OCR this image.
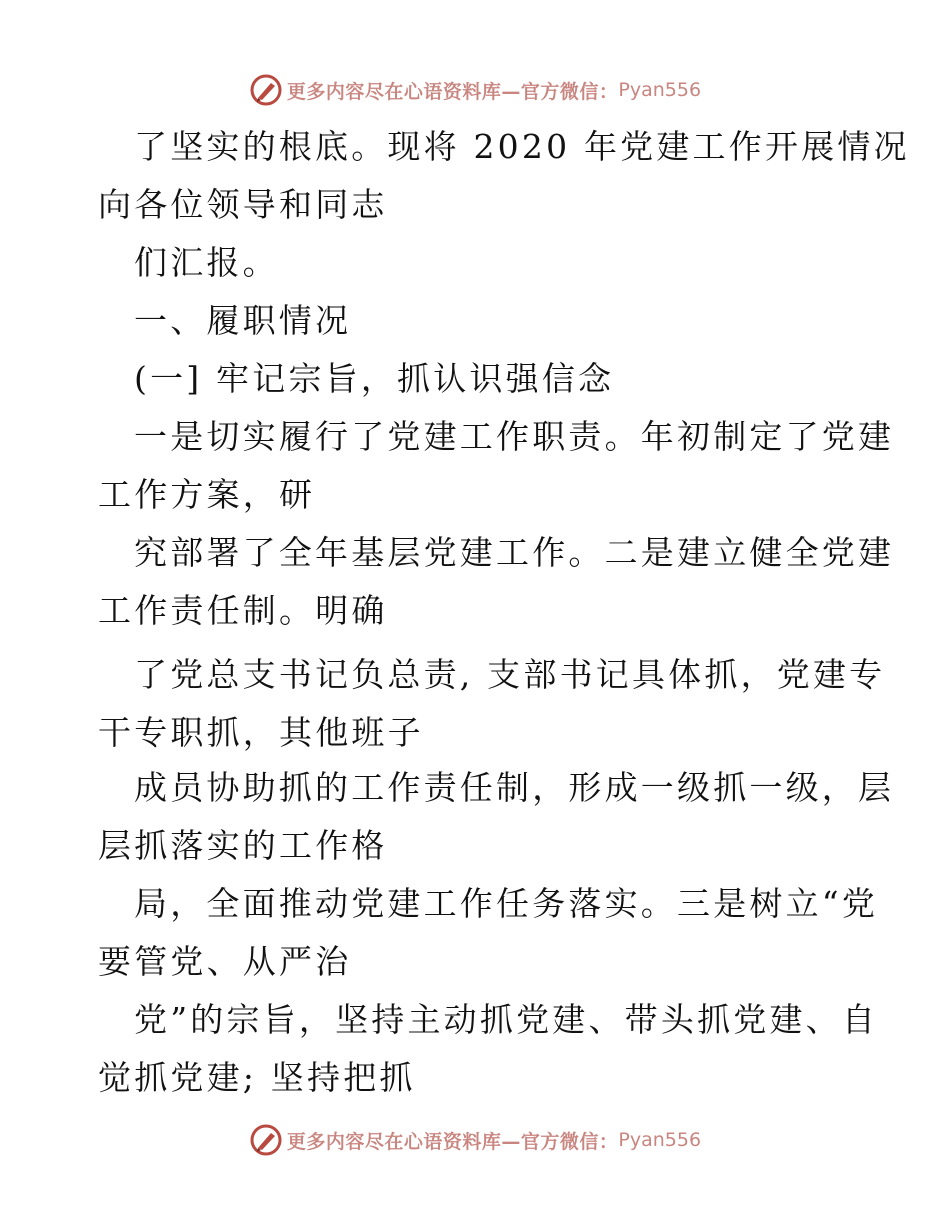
更多内容尽在心语资料库—官方微信： Pyan556
了坚实的根底。现将 2020 年党建工作开展情况
向各位领导和同志
们汇报。
一、履职情况
(一] 牢记宗旨，抓认识强信念
一是切实履行了党建工作职责。年初制定了党建
工作方案，研
究部署了全年基层党建工作。二是建立健全党建
工作责任制。明确
了党总支书记负总责, 支部书记具体抓，党建专
干专职抓，其他班子
成员协助抓的工作责任制，形成一级抓一级，层
层抓落实的工作格
局，全面推动党建工作任务落实。三是树立“党
要管党、从严治
党”的宗旨，坚持主动抓党建、带头抓党建、自
觉抓党建; 坚持把抓
更多内容尽在心语资料库—官方微信： Pyan556
